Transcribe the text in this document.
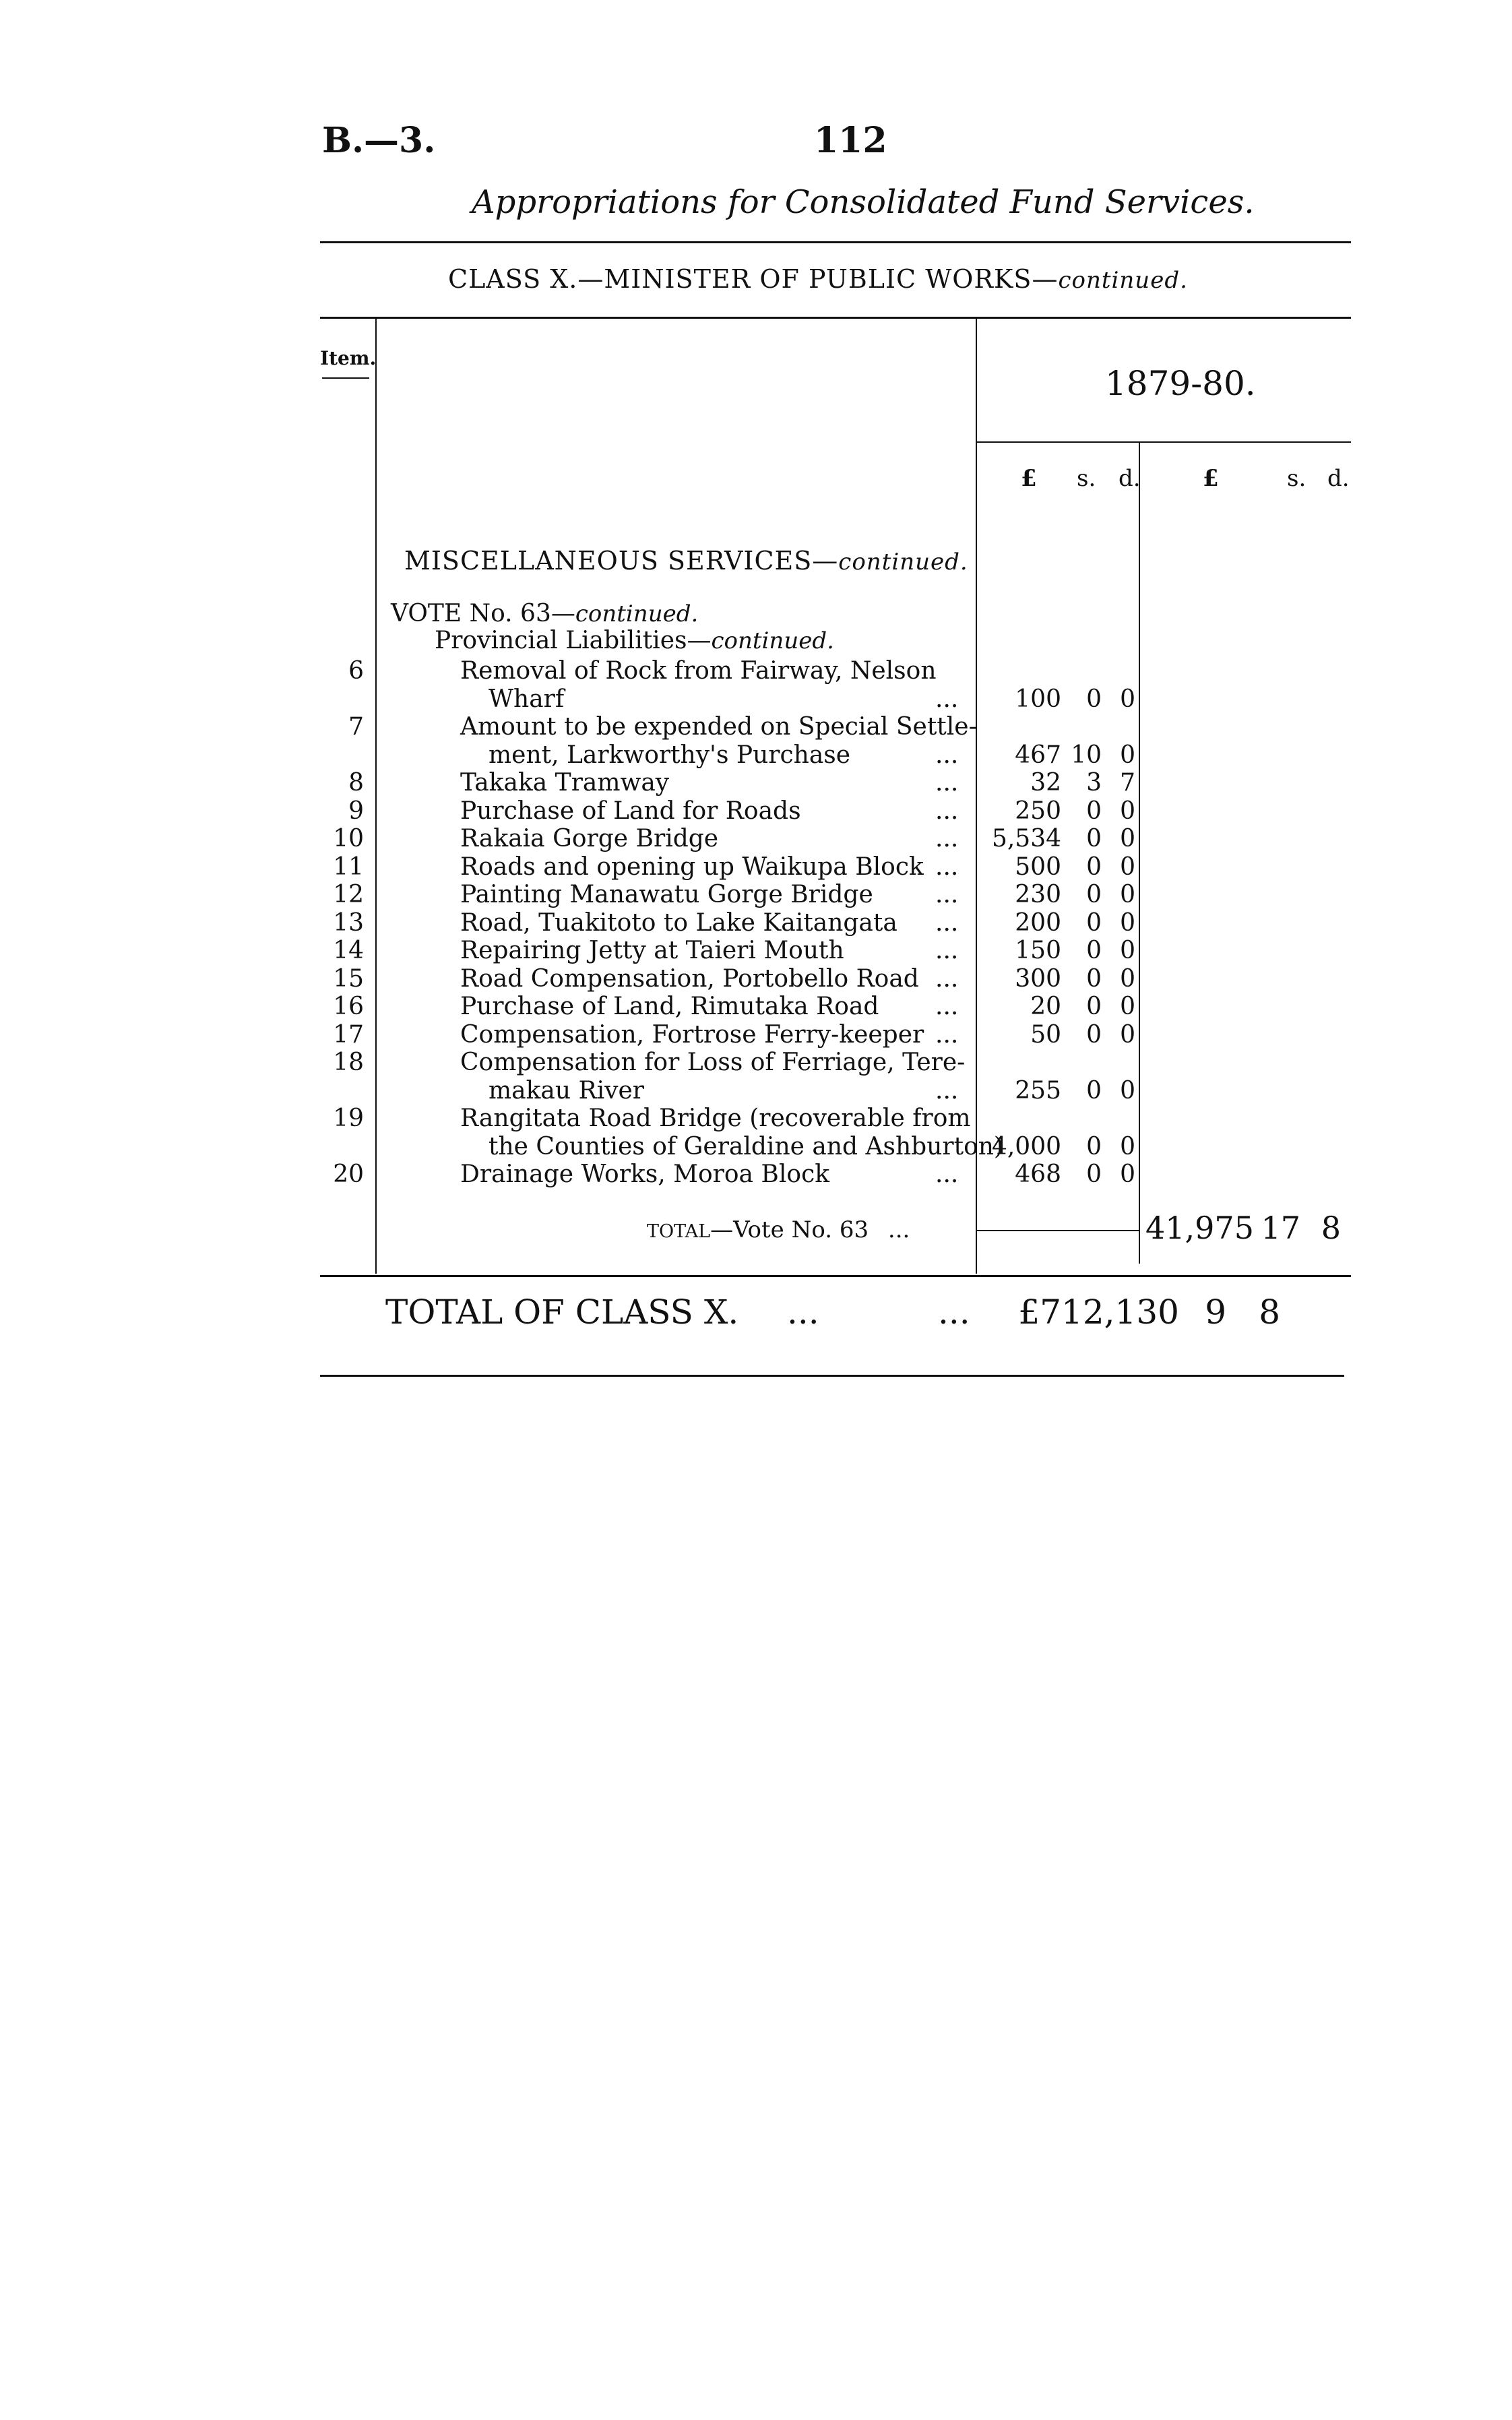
B.—3.	112
Appropriations for Consolidated Fund Services.
CLASS X.—MINISTER OF PUBLIC WORKS—continued.
Item.
1879-80.
£ s. d.	£	s. d.
MISCELLANEOUS SERVICES—continued.
VOTE No. 63—continued.
Provincial Liabilities—continued.
6	Removal of Rock from Fairway, Nelson
Wharf	...	100	0 0
7	Amount to be expended on Special Settle-
ment, Larkworthy's Purchase	...	467 10 0
8	Takaka Tramway	...	32	3 7
9	Purchase of Land for Roads	...	250	0 0
10	Rakaia Gorge Bridge	...	5,534	0 0
11	Roads and opening up Waikupa Block ...	500	0 0
12	Painting Manawatu Gorge Bridge	...	230	0 0
13	Road, Tuakitoto to Lake Kaitangata ...	200	0 0
14	Repairing Jetty at Taieri Mouth	...	150	0 0
15	Road Compensation, Portobello Road ...	300	0 0
16	Purchase of Land, Rimutaka Road ...	20	0 0
17	Compensation, Fortrose Ferry-keeper ...	50	0 0
18	Compensation for Loss of Ferriage, Tere-
makau River	...	255	0 0
19	Rangitata Road Bridge (recoverable from
the Counties of Geraldine and Ashburton)
4,000	0 0
20	Drainage Works, Moroa Block	...	468	0 0
TOTAL—Vote No. 63 ...	41,975 17 8
TOTAL OF CLASS X. ...	... £712,130 9 8
